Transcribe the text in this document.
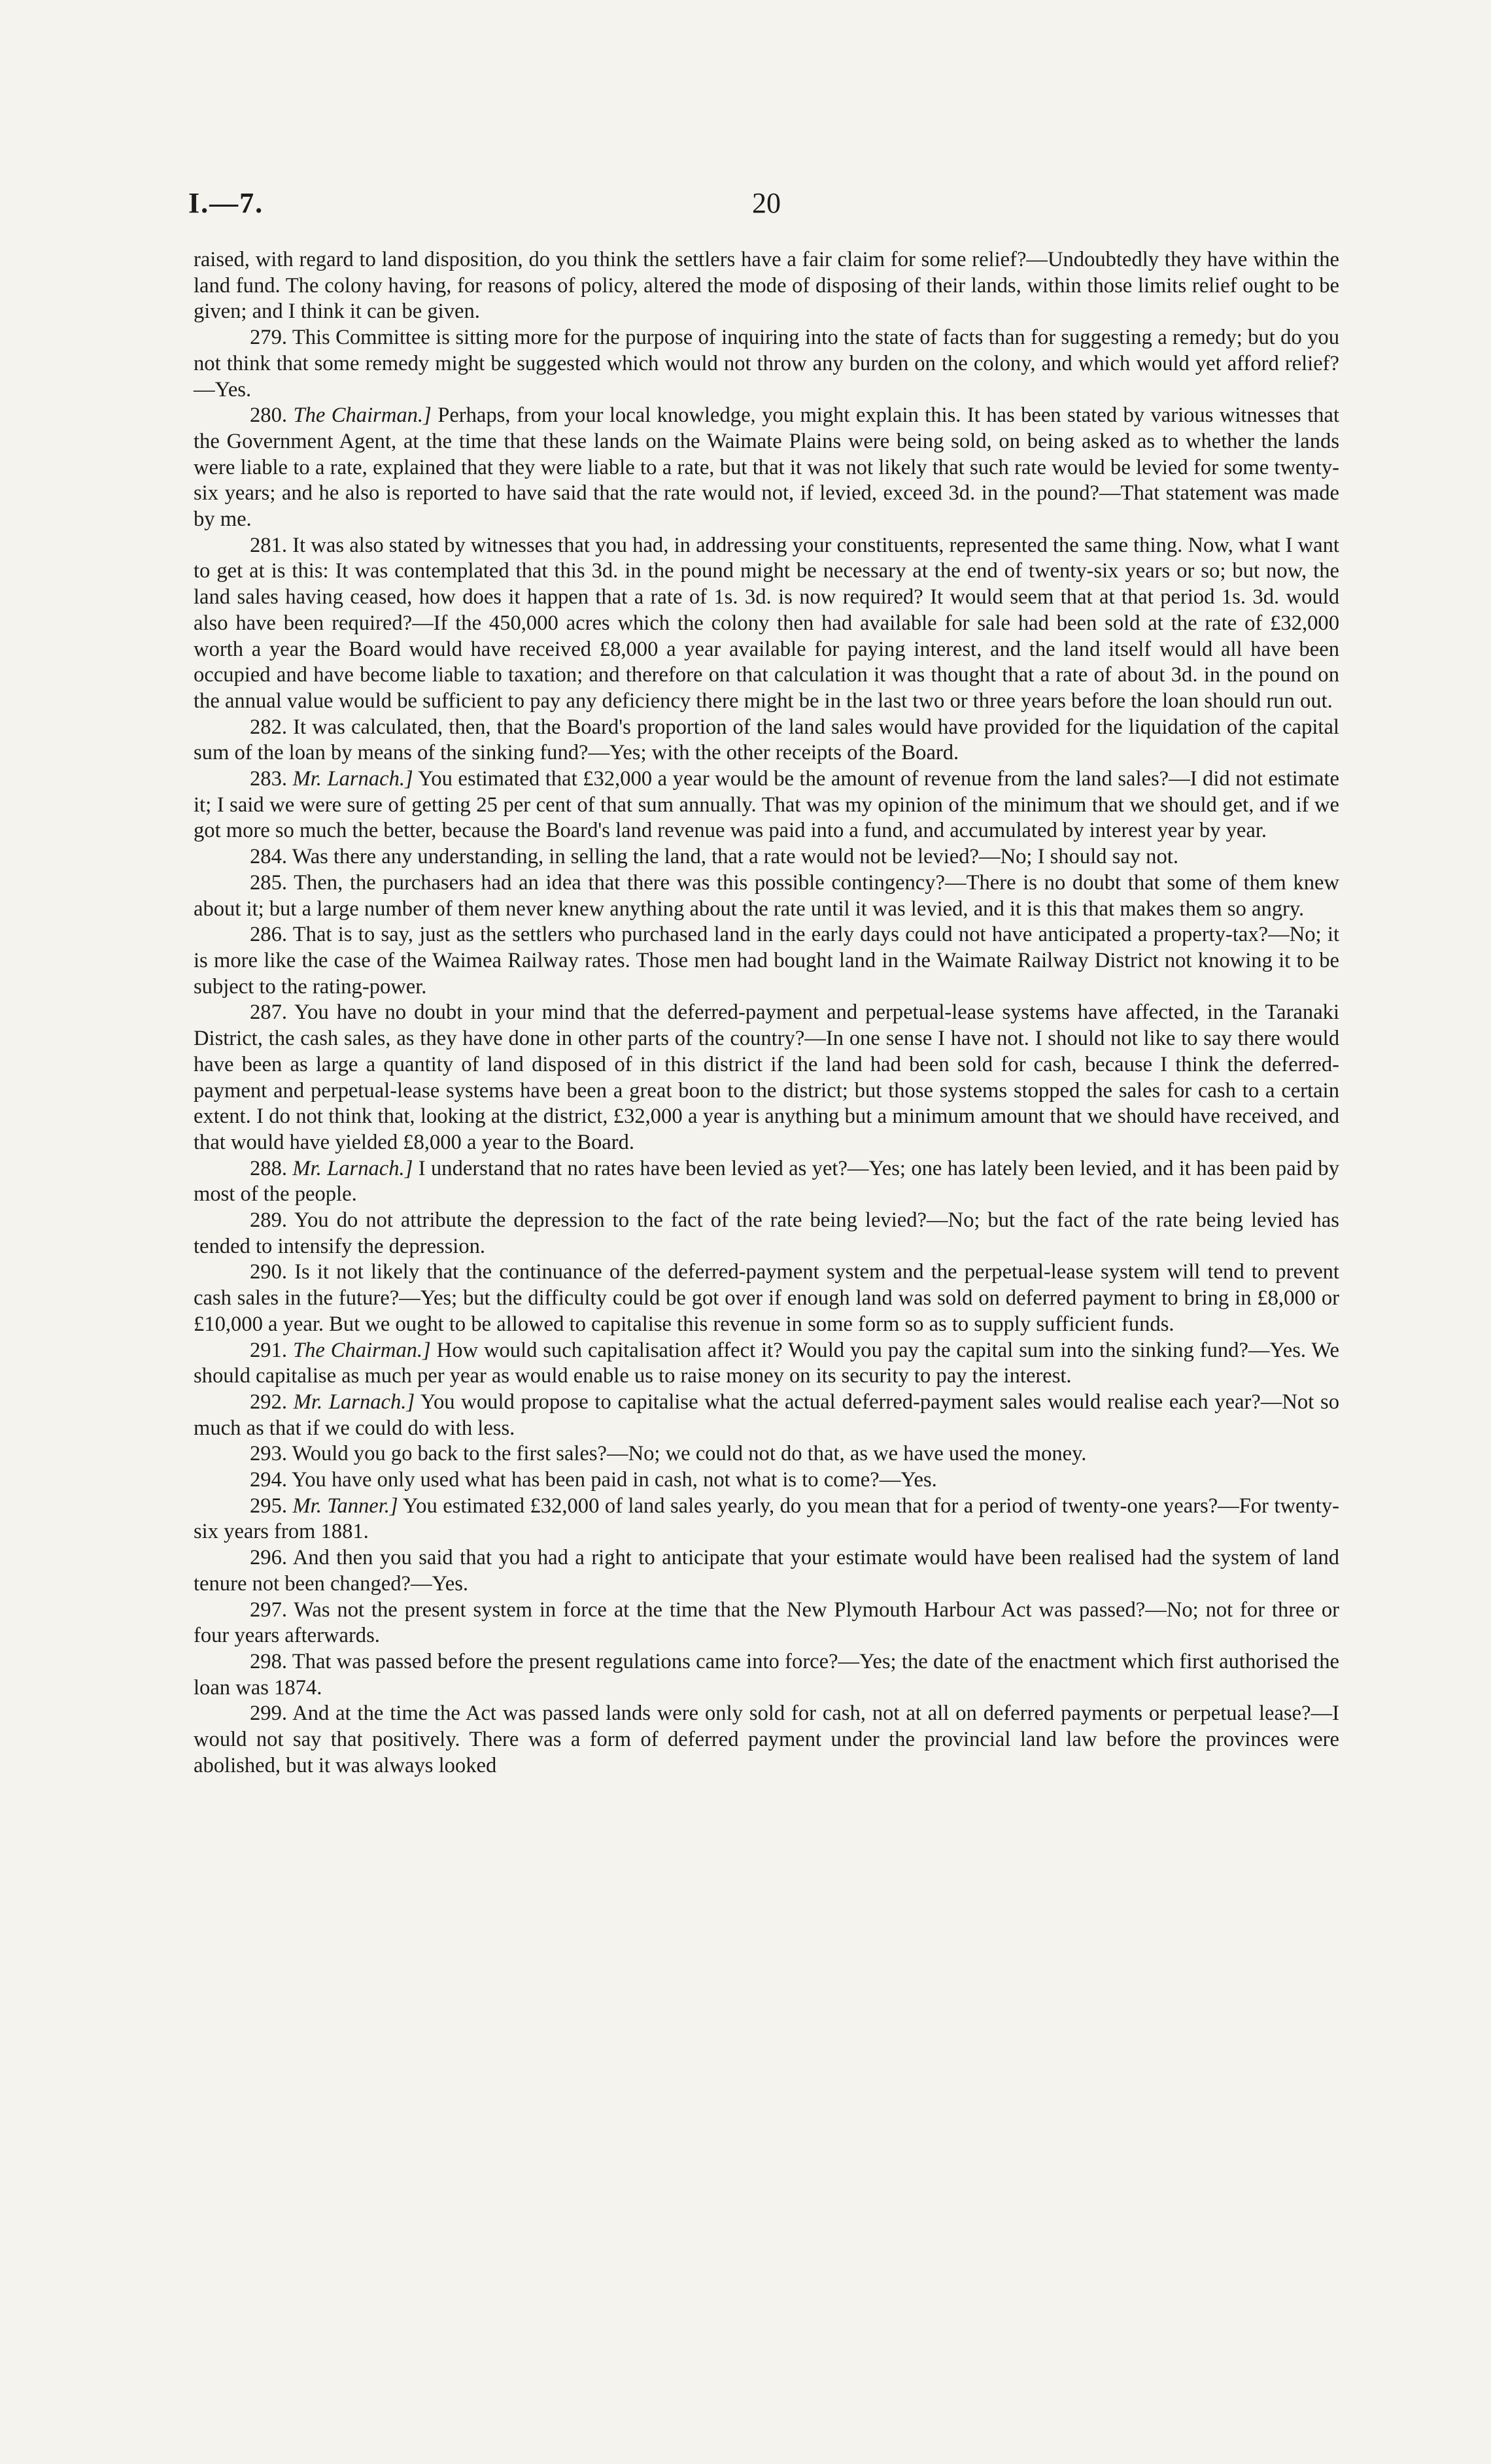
I.—7.	20

raised, with regard to land disposition, do you think the settlers have a fair claim for some relief?—Undoubtedly they have within the land fund. The colony having, for reasons of policy, altered the mode of disposing of their lands, within those limits relief ought to be given; and I think it can be given.

279. This Committee is sitting more for the purpose of inquiring into the state of facts than for suggesting a remedy; but do you not think that some remedy might be suggested which would not throw any burden on the colony, and which would yet afford relief?—Yes.

280. The Chairman.] Perhaps, from your local knowledge, you might explain this. It has been stated by various witnesses that the Government Agent, at the time that these lands on the Waimate Plains were being sold, on being asked as to whether the lands were liable to a rate, explained that they were liable to a rate, but that it was not likely that such rate would be levied for some twenty-six years; and he also is reported to have said that the rate would not, if levied, exceed 3d. in the pound?—That statement was made by me.

281. It was also stated by witnesses that you had, in addressing your constituents, represented the same thing. Now, what I want to get at is this: It was contemplated that this 3d. in the pound might be necessary at the end of twenty-six years or so; but now, the land sales having ceased, how does it happen that a rate of 1s. 3d. is now required? It would seem that at that period 1s. 3d. would also have been required?—If the 450,000 acres which the colony then had available for sale had been sold at the rate of £32,000 worth a year the Board would have received £8,000 a year available for paying interest, and the land itself would all have been occupied and have become liable to taxation; and therefore on that calculation it was thought that a rate of about 3d. in the pound on the annual value would be sufficient to pay any deficiency there might be in the last two or three years before the loan should run out.

282. It was calculated, then, that the Board's proportion of the land sales would have provided for the liquidation of the capital sum of the loan by means of the sinking fund?—Yes; with the other receipts of the Board.

283. Mr. Larnach.] You estimated that £32,000 a year would be the amount of revenue from the land sales?—I did not estimate it; I said we were sure of getting 25 per cent of that sum annually. That was my opinion of the minimum that we should get, and if we got more so much the better, because the Board's land revenue was paid into a fund, and accumulated by interest year by year.

284. Was there any understanding, in selling the land, that a rate would not be levied?—No; I should say not.

285. Then, the purchasers had an idea that there was this possible contingency?—There is no doubt that some of them knew about it; but a large number of them never knew anything about the rate until it was levied, and it is this that makes them so angry.

286. That is to say, just as the settlers who purchased land in the early days could not have anticipated a property-tax?—No; it is more like the case of the Waimea Railway rates. Those men had bought land in the Waimate Railway District not knowing it to be subject to the rating-power.

287. You have no doubt in your mind that the deferred-payment and perpetual-lease systems have affected, in the Taranaki District, the cash sales, as they have done in other parts of the country?—In one sense I have not. I should not like to say there would have been as large a quantity of land disposed of in this district if the land had been sold for cash, because I think the deferred-payment and perpetual-lease systems have been a great boon to the district; but those systems stopped the sales for cash to a certain extent. I do not think that, looking at the district, £32,000 a year is anything but a minimum amount that we should have received, and that would have yielded £8,000 a year to the Board.

288. Mr. Larnach.] I understand that no rates have been levied as yet?—Yes; one has lately been levied, and it has been paid by most of the people.

289. You do not attribute the depression to the fact of the rate being levied?—No; but the fact of the rate being levied has tended to intensify the depression.

290. Is it not likely that the continuance of the deferred-payment system and the perpetual-lease system will tend to prevent cash sales in the future?—Yes; but the difficulty could be got over if enough land was sold on deferred payment to bring in £8,000 or £10,000 a year. But we ought to be allowed to capitalise this revenue in some form so as to supply sufficient funds.

291. The Chairman.] How would such capitalisation affect it? Would you pay the capital sum into the sinking fund?—Yes. We should capitalise as much per year as would enable us to raise money on its security to pay the interest.

292. Mr. Larnach.] You would propose to capitalise what the actual deferred-payment sales would realise each year?—Not so much as that if we could do with less.

293. Would you go back to the first sales?—No; we could not do that, as we have used the money.

294. You have only used what has been paid in cash, not what is to come?—Yes.

295. Mr. Tanner.] You estimated £32,000 of land sales yearly, do you mean that for a period of twenty-one years?—For twenty-six years from 1881.

296. And then you said that you had a right to anticipate that your estimate would have been realised had the system of land tenure not been changed?—Yes.

297. Was not the present system in force at the time that the New Plymouth Harbour Act was passed?—No; not for three or four years afterwards.

298. That was passed before the present regulations came into force?—Yes; the date of the enactment which first authorised the loan was 1874.

299. And at the time the Act was passed lands were only sold for cash, not at all on deferred payments or perpetual lease?—I would not say that positively. There was a form of deferred payment under the provincial land law before the provinces were abolished, but it was always looked
